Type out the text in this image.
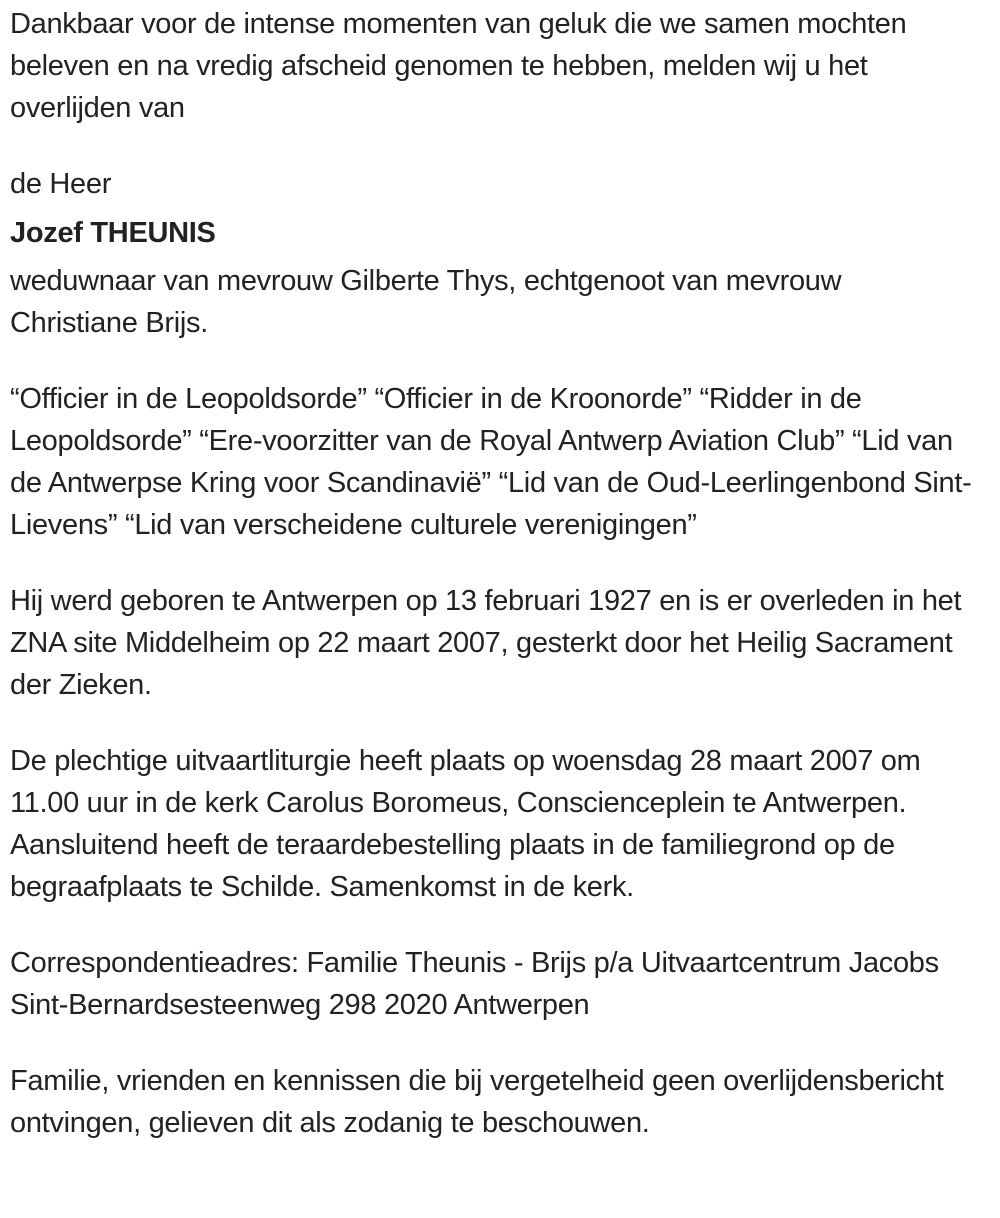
Dankbaar voor de intense momenten van geluk die we samen mochten beleven en na vredig afscheid genomen te hebben, melden wij u het overlijden van

de Heer

Jozef THEUNIS

weduwnaar van mevrouw Gilberte Thys, echtgenoot van mevrouw Christiane Brijs.

“Officier in de Leopoldsorde” “Officier in de Kroonorde” “Ridder in de Leopoldsorde” “Ere-voorzitter van de Royal Antwerp Aviation Club” “Lid van de Antwerpse Kring voor Scandinavië” “Lid van de Oud-Leerlingenbond Sint-Lievens” “Lid van verscheidene culturele verenigingen”

Hij werd geboren te Antwerpen op 13 februari 1927 en is er overleden in het ZNA site Middelheim op 22 maart 2007, gesterkt door het Heilig Sacrament der Zieken.

De plechtige uitvaartliturgie heeft plaats op woensdag 28 maart 2007 om 11.00 uur in de kerk Carolus Boromeus, Conscienceplein te Antwerpen. Aansluitend heeft de teraardebestelling plaats in de familiegrond op de begraafplaats te Schilde. Samenkomst in de kerk.

Correspondentieadres: Familie Theunis - Brijs p/a Uitvaartcentrum Jacobs Sint-Bernardsesteenweg 298 2020 Antwerpen

Familie, vrienden en kennissen die bij vergetelheid geen overlijdensbericht ontvingen, gelieven dit als zodanig te beschouwen.
